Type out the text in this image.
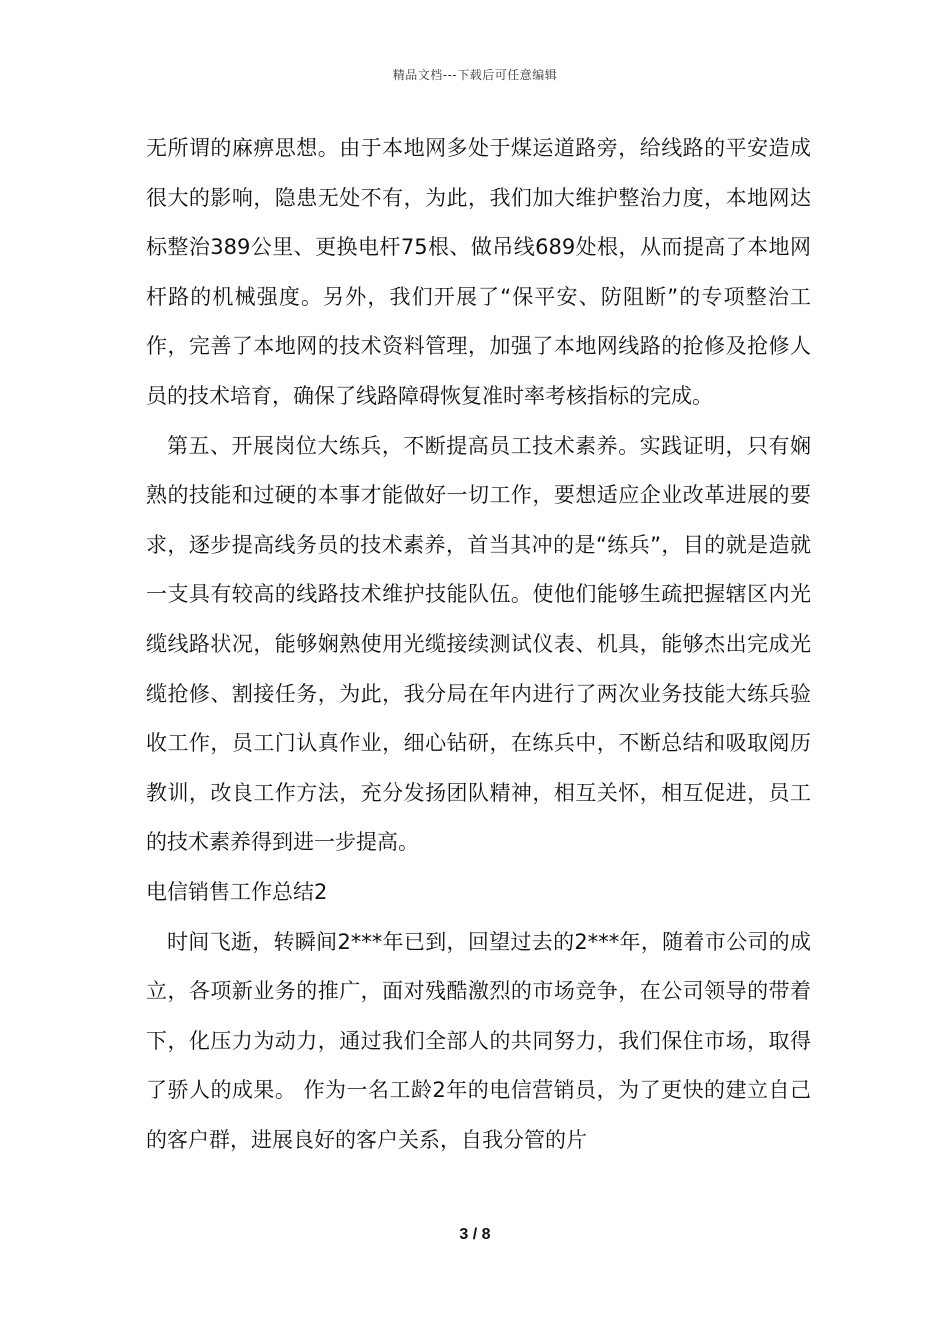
精品文档---下载后可任意编辑

无所谓的麻痹思想。由于本地网多处于煤运道路旁，给线路的平安造成很大的影响，隐患无处不有，为此，我们加大维护整治力度，本地网达标整治389公里、更换电杆75根、做吊线689处根，从而提高了本地网杆路的机械强度。另外，我们开展了“保平安、防阻断”的专项整治工作，完善了本地网的技术资料管理，加强了本地网线路的抢修及抢修人员的技术培育，确保了线路障碍恢复准时率考核指标的完成。

第五、开展岗位大练兵，不断提高员工技术素养。实践证明，只有娴熟的技能和过硬的本事才能做好一切工作，要想适应企业改革进展的要求，逐步提高线务员的技术素养，首当其冲的是“练兵”，目的就是造就一支具有较高的线路技术维护技能队伍。使他们能够生疏把握辖区内光缆线路状况，能够娴熟使用光缆接续测试仪表、机具，能够杰出完成光缆抢修、割接任务，为此，我分局在年内进行了两次业务技能大练兵验收工作，员工门认真作业，细心钻研，在练兵中，不断总结和吸取阅历教训，改良工作方法，充分发扬团队精神，相互关怀，相互促进，员工的技术素养得到进一步提高。

电信销售工作总结2

时间飞逝，转瞬间2***年已到，回望过去的2***年，随着市公司的成立，各项新业务的推广，面对残酷激烈的市场竞争，在公司领导的带着下，化压力为动力，通过我们全部人的共同努力，我们保住市场，取得了骄人的成果。 作为一名工龄2年的电信营销员，为了更快的建立自己的客户群，进展良好的客户关系，自我分管的片

3 / 8
